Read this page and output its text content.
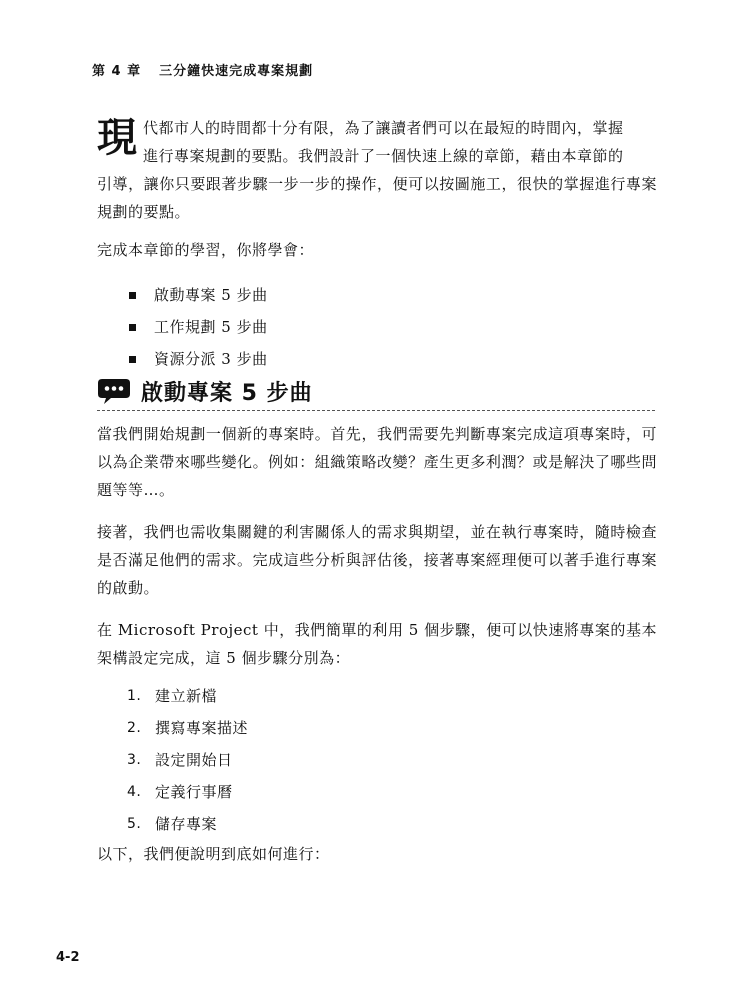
第 4 章 三分鐘快速完成專案規劃
現 代都市人的時間都十分有限，為了讓讀者們可以在最短的時間內，掌握

進行專案規劃的要點。我們設計了一個快速上線的章節，藉由本章節的

引導，讓你只要跟著步驟一步一步的操作，便可以按圖施工，很快的掌握進行專案規劃的要點。

完成本章節的學習，你將學會：

啟動專案 5 步曲
工作規劃 5 步曲
資源分派 3 步曲
啟動專案 5 步曲

當我們開始規劃一個新的專案時。首先，我們需要先判斷專案完成這項專案時，可以為企業帶來哪些變化。例如：組織策略改變？產生更多利潤？或是解決了哪些問題等等…。

接著，我們也需收集關鍵的利害關係人的需求與期望，並在執行專案時，隨時檢查是否滿足他們的需求。完成這些分析與評估後，接著專案經理便可以著手進行專案的啟動。

在 Microsoft Project 中，我們簡單的利用 5 個步驟，便可以快速將專案的基本架構設定完成，這 5 個步驟分別為：

1. 建立新檔
2. 撰寫專案描述
3. 設定開始日
4. 定義行事曆
5. 儲存專案

以下，我們便說明到底如何進行：

4-2
